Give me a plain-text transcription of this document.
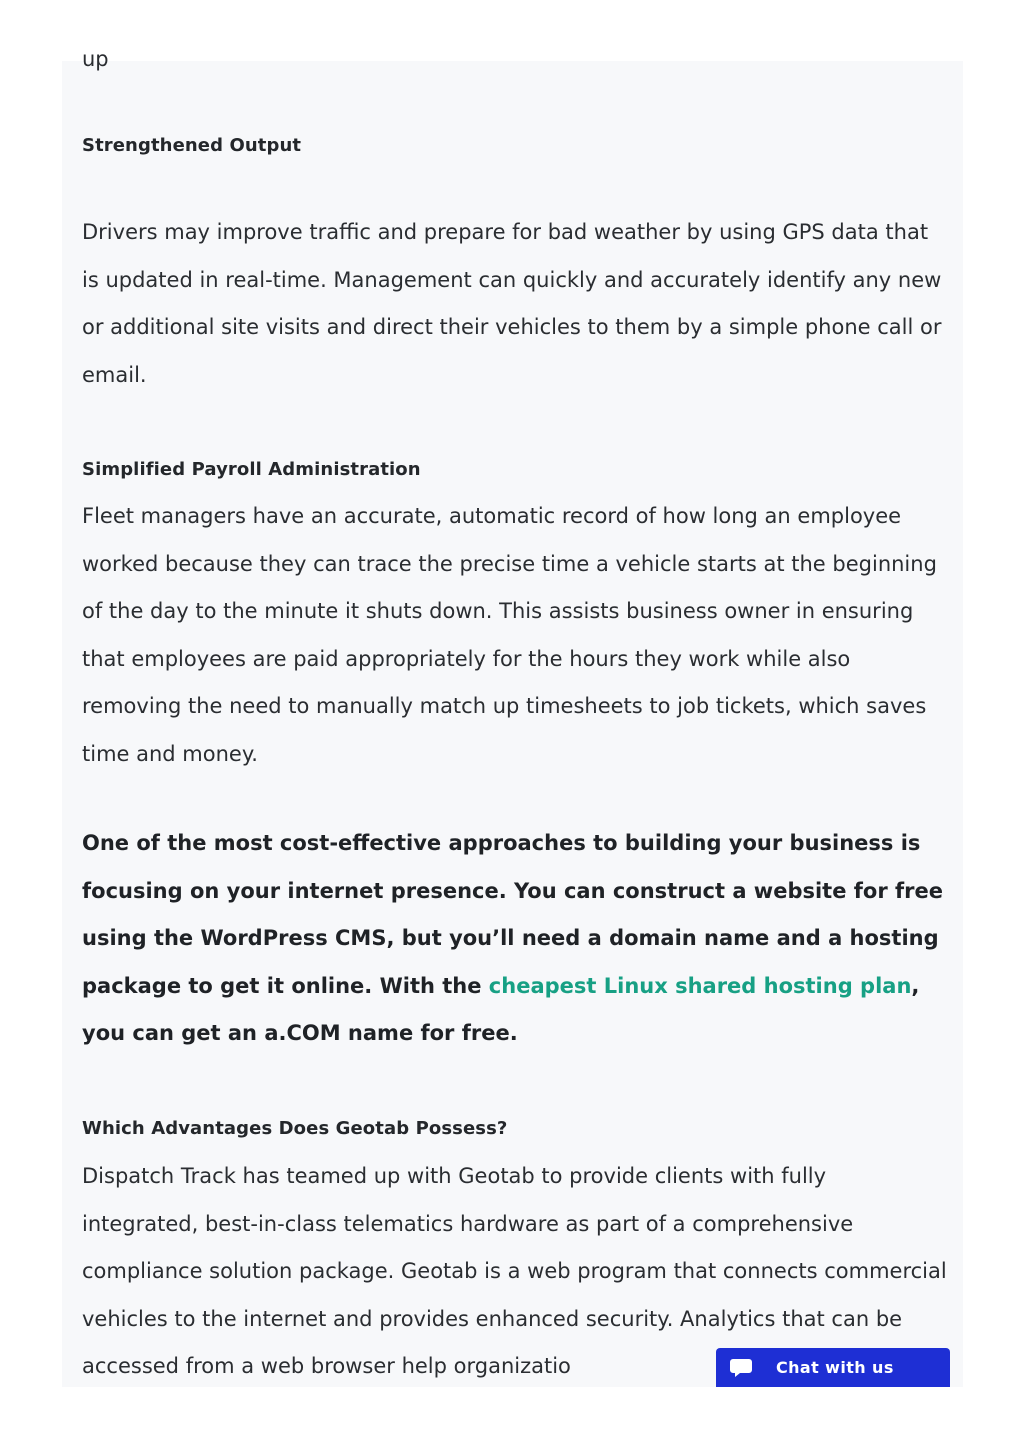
up
Strengthened Output

Drivers may improve traffic and prepare for bad weather by using GPS data that is updated in real-time. Management can quickly and accurately identify any new or additional site visits and direct their vehicles to them by a simple phone call or email.

Simplified Payroll Administration

Fleet managers have an accurate, automatic record of how long an employee worked because they can trace the precise time a vehicle starts at the beginning of the day to the minute it shuts down. This assists business owner in ensuring that employees are paid appropriately for the hours they work while also removing the need to manually match up timesheets to job tickets, which saves time and money.

One of the most cost-effective approaches to building your business is focusing on your internet presence. You can construct a website for free using the WordPress CMS, but you’ll need a domain name and a hosting package to get it online. With the cheapest Linux shared hosting plan, you can get an a.COM name for free.

Which Advantages Does Geotab Possess?

Dispatch Track has teamed up with Geotab to provide clients with fully integrated, best-in-class telematics hardware as part of a comprehensive compliance solution package. Geotab is a web program that connects commercial vehicles to the internet and provides enhanced security. Analytics that can be accessed from a web browser help organizatio	Chat with us
